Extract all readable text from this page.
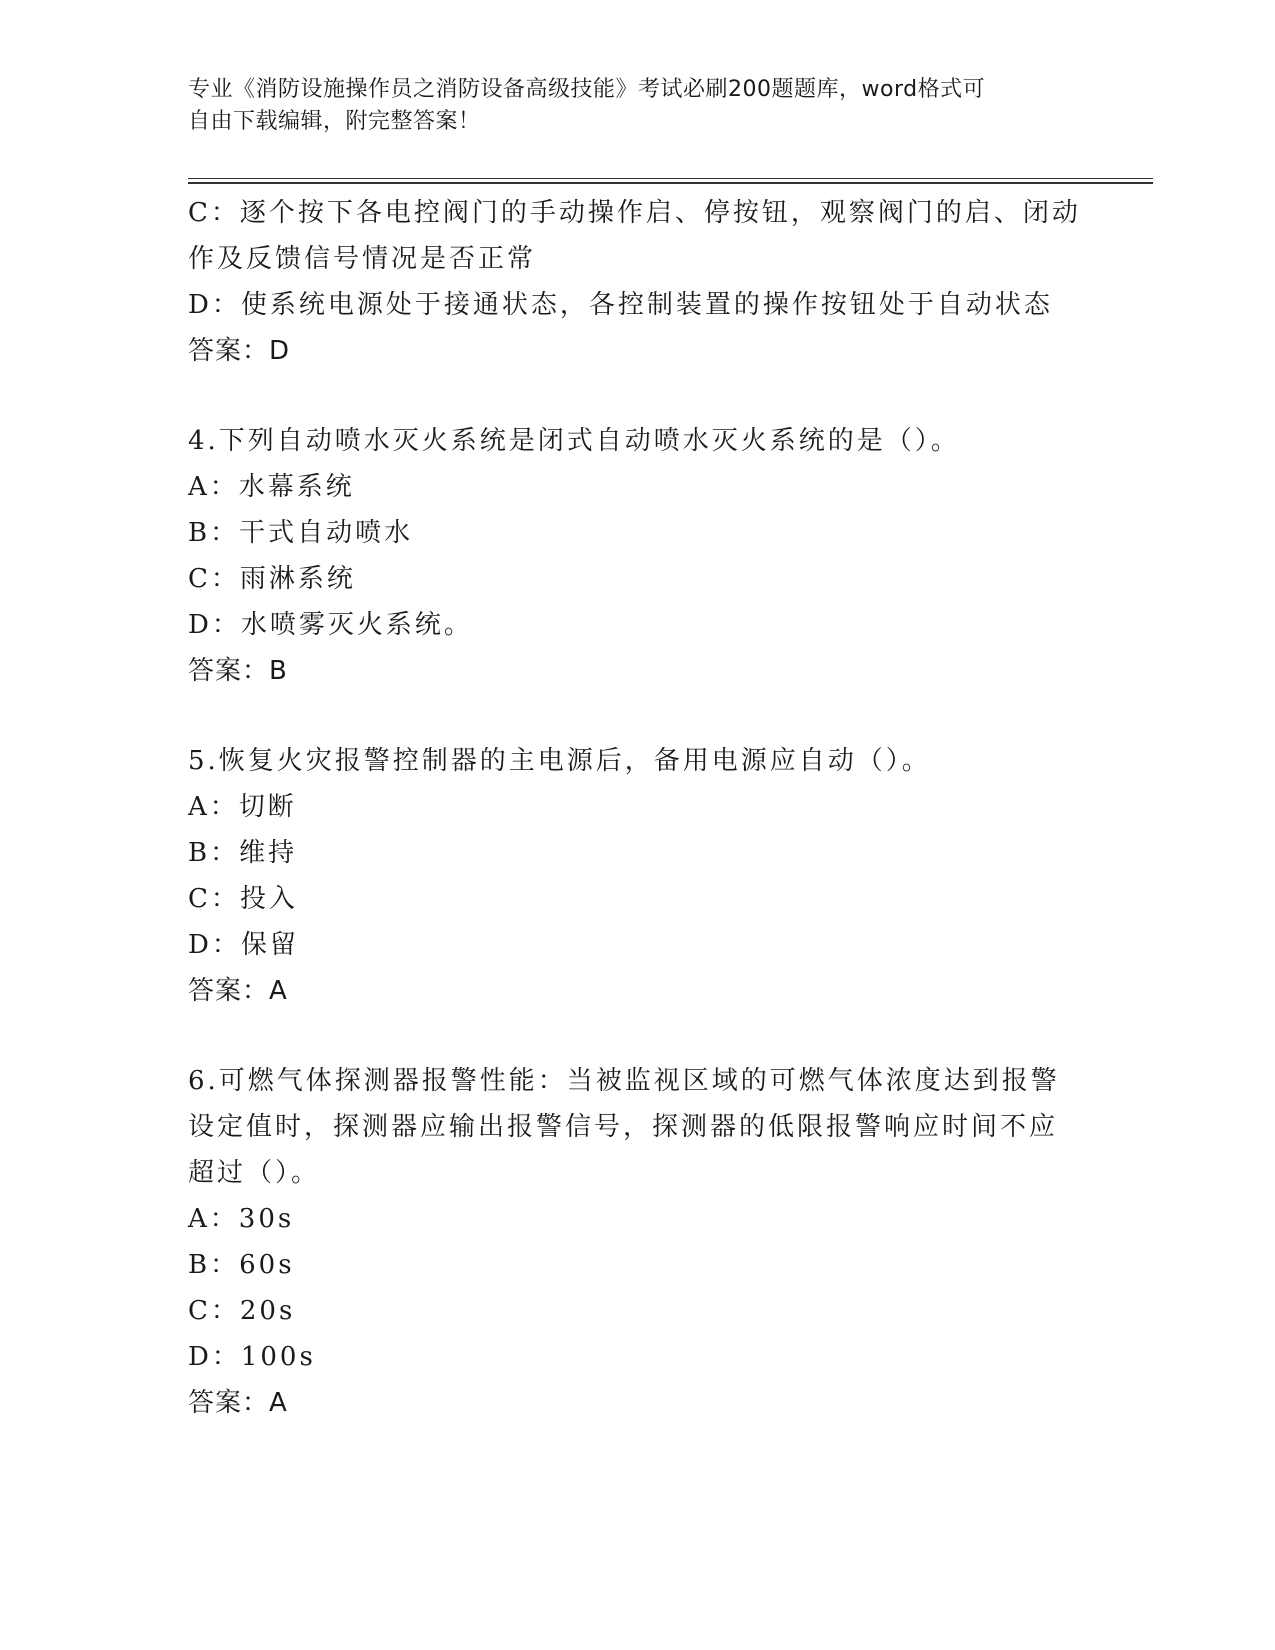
专业《消防设施操作员之消防设备高级技能》考试必刷200题题库，word格式可
自由下载编辑，附完整答案！
C：逐个按下各电控阀门的手动操作启、停按钮，观察阀门的启、闭动
作及反馈信号情况是否正常
D：使系统电源处于接通状态，各控制装置的操作按钮处于自动状态
答案：D
4.下列自动喷水灭火系统是闭式自动喷水灭火系统的是（）。
A：水幕系统
B：干式自动喷水
C：雨淋系统
D：水喷雾灭火系统。
答案：B
5.恢复火灾报警控制器的主电源后，备用电源应自动（）。
A：切断
B：维持
C：投入
D：保留
答案：A
6.可燃气体探测器报警性能：当被监视区域的可燃气体浓度达到报警
设定值时，探测器应输出报警信号，探测器的低限报警响应时间不应
超过（）。
A：30s
B：60s
C：20s
D：100s
答案：A
